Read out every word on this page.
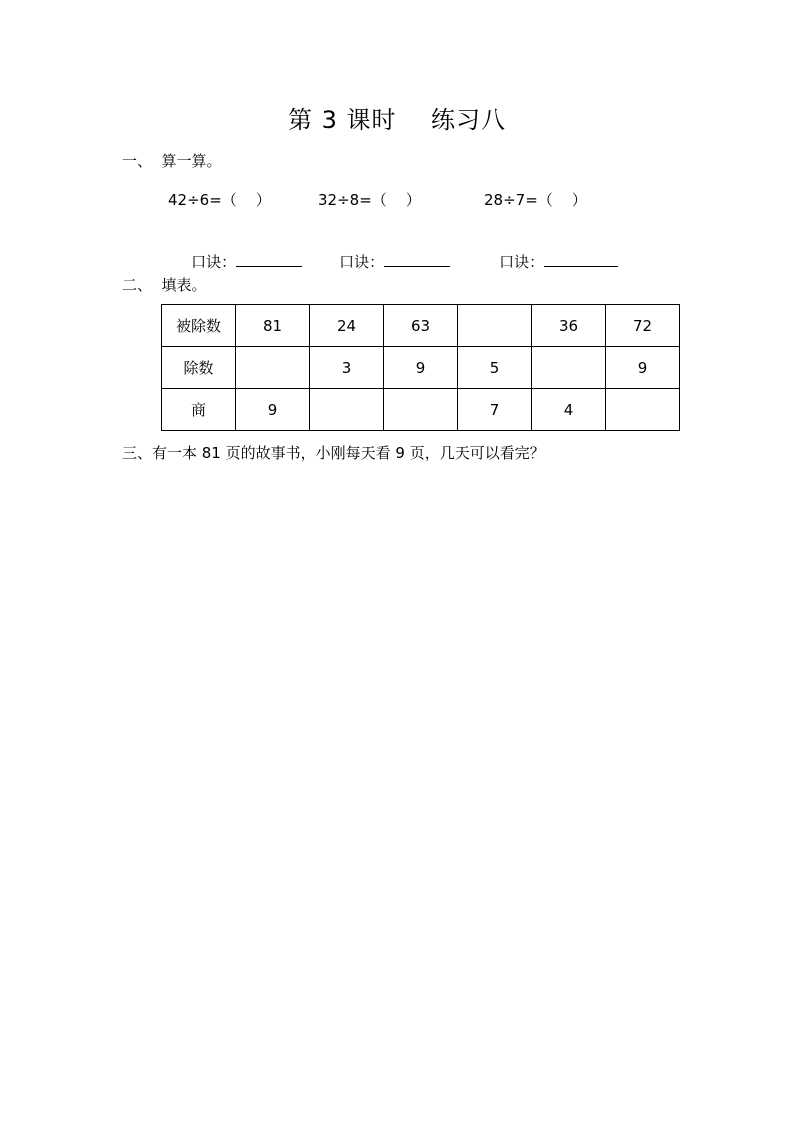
第 3 课时    练习八
一、  算一算。
42÷6=（    ）	32÷8=（    ）	28÷7=（    ）

口诀：
	口诀：
	口诀：

二、  填表。
被除数	81	24	63		36	72
除数		3	9	5		9
商	9			7	4	
三、有一本 81 页的故事书，小刚每天看 9 页，几天可以看完？
